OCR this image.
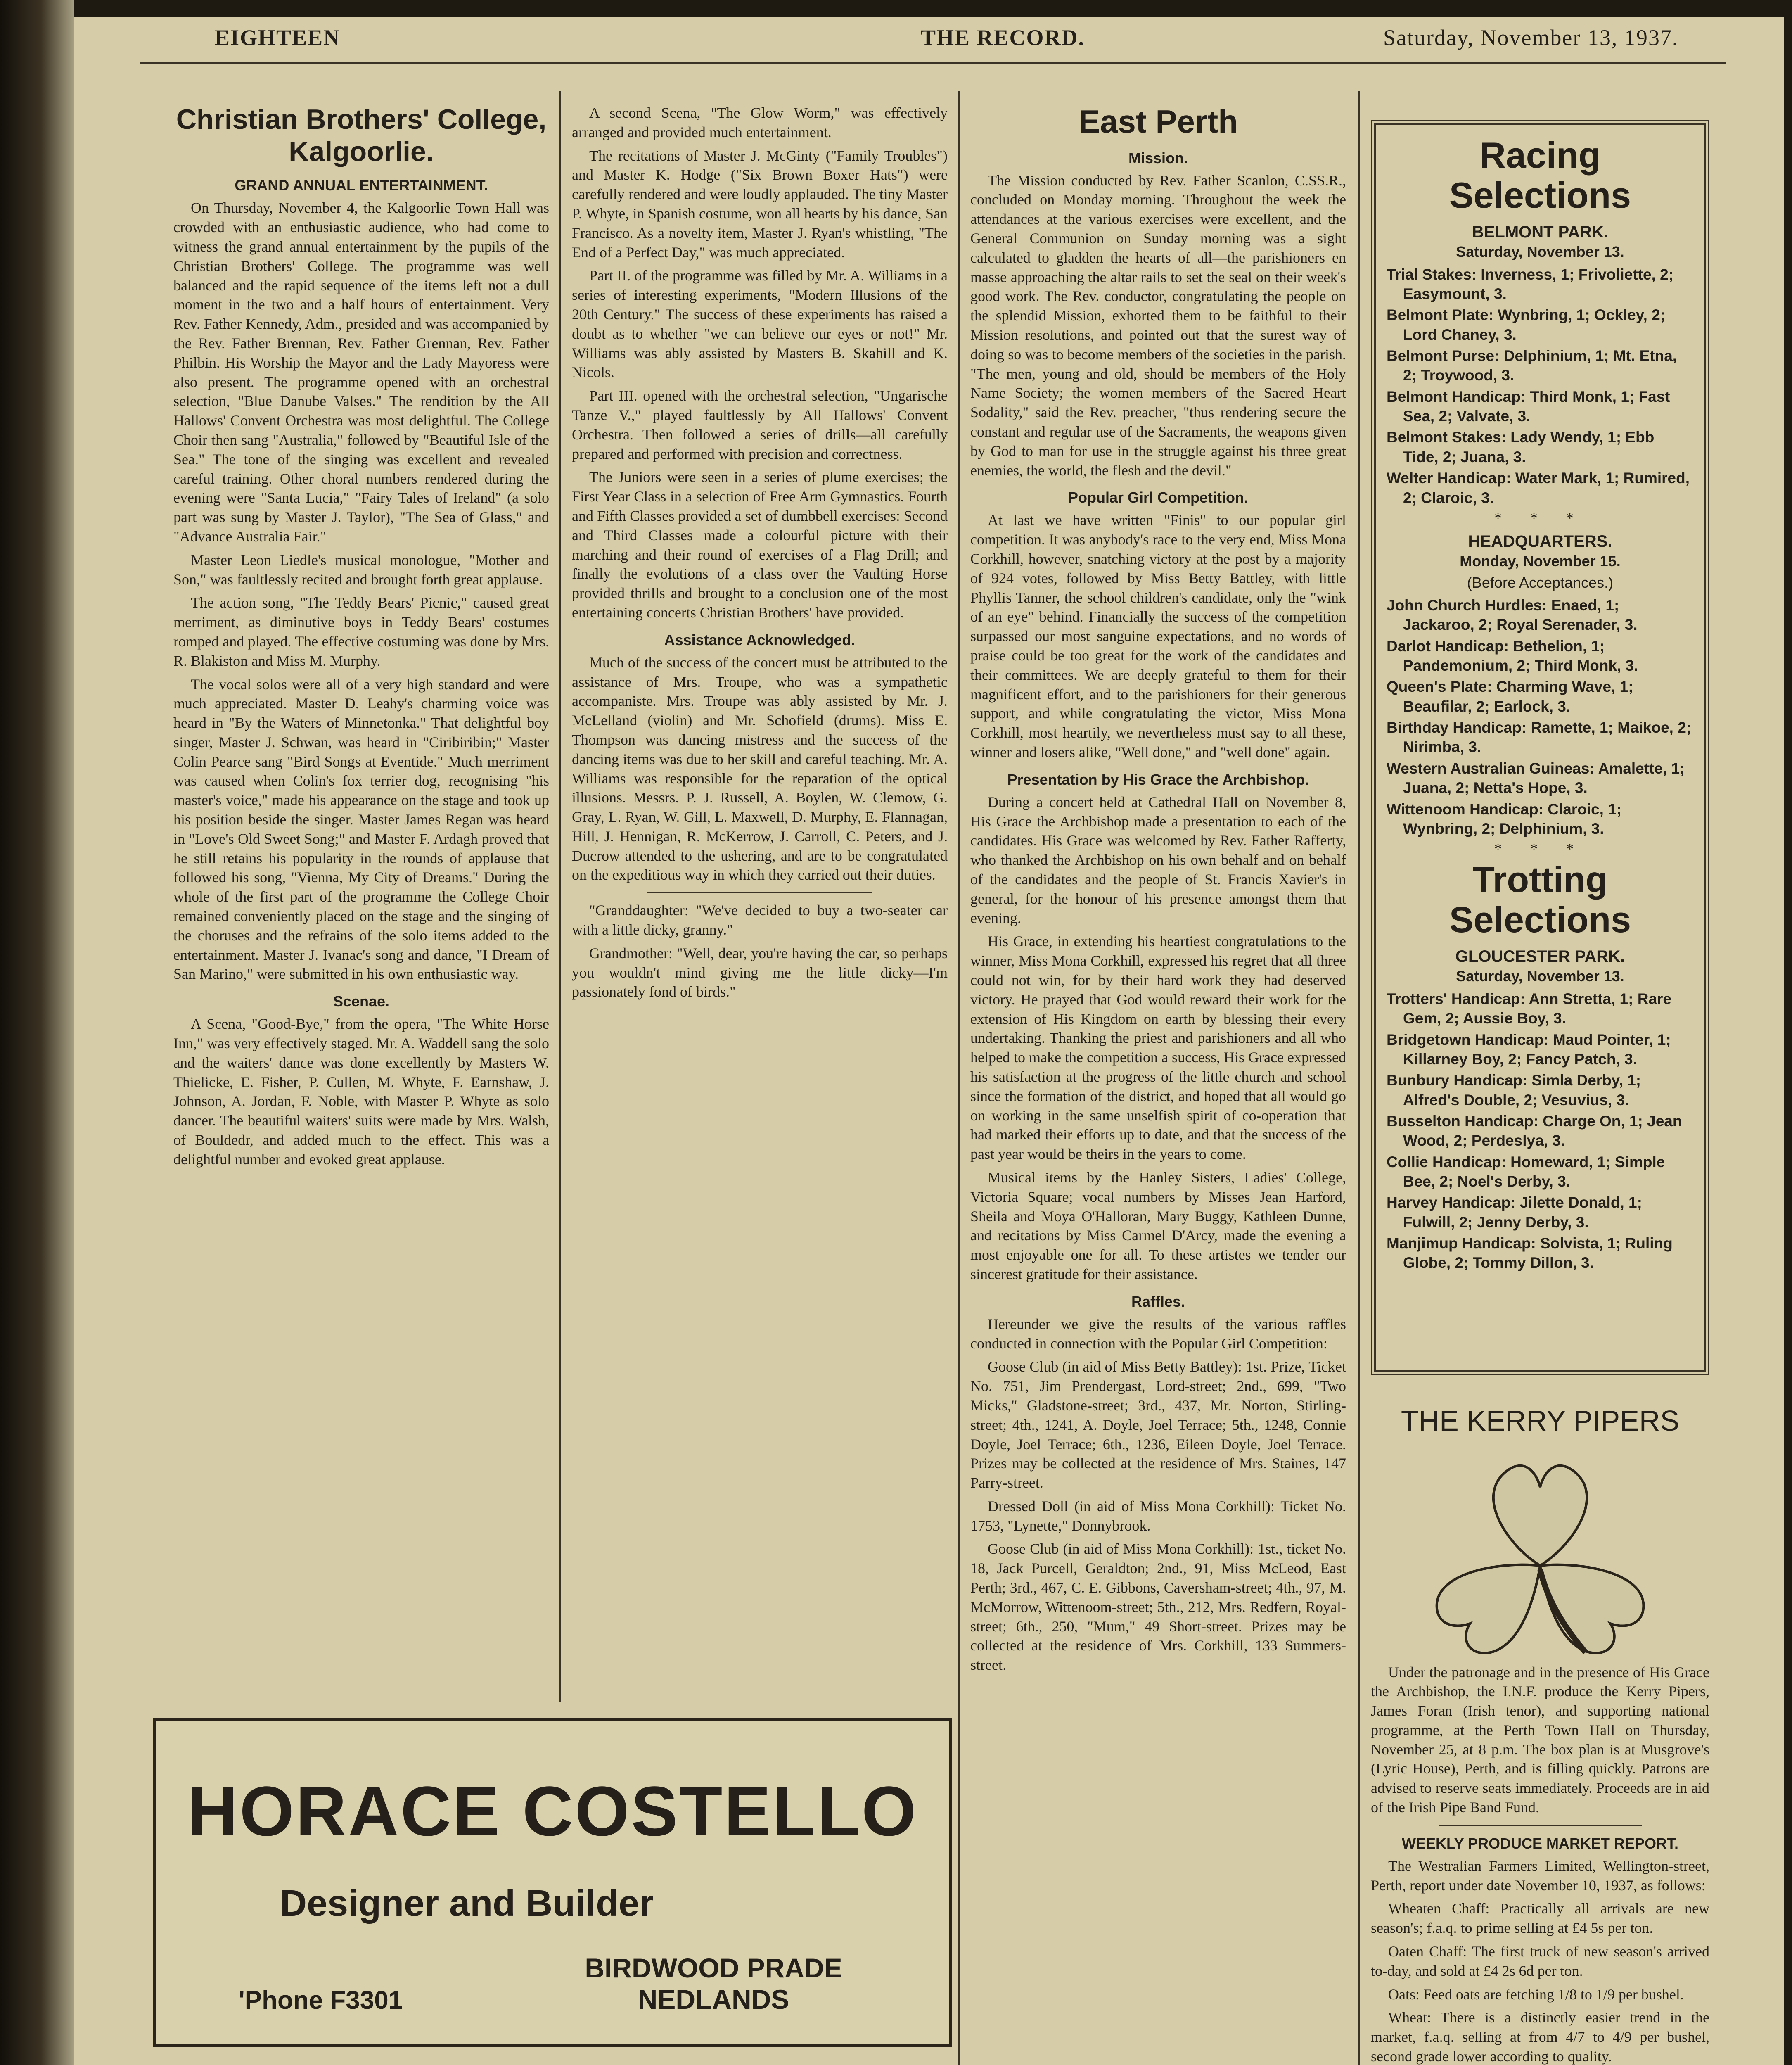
EIGHTEEN	THE RECORD.	Saturday, November 13, 1937.
Christian Brothers' College, Kalgoorlie.
GRAND ANNUAL ENTERTAINMENT.

On Thursday, November 4, the Kalgoorlie Town Hall was crowded with an enthusiastic audience, who had come to witness the grand annual entertainment by the pupils of the Christian Brothers' College. The programme was well balanced and the rapid sequence of the items left not a dull moment in the two and a half hours of entertainment. Very Rev. Father Kennedy, Adm., presided and was accompanied by the Rev. Father Brennan, Rev. Father Grennan, Rev. Father Philbin. His Worship the Mayor and the Lady Mayoress were also present. The programme opened with an orchestral selection, "Blue Danube Valses." The rendition by the All Hallows' Convent Orchestra was most delightful. The College Choir then sang "Australia," followed by "Beautiful Isle of the Sea." The tone of the singing was excellent and revealed careful training. Other choral numbers rendered during the evening were "Santa Lucia," "Fairy Tales of Ireland" (a solo part was sung by Master J. Taylor), "The Sea of Glass," and "Advance Australia Fair."

Master Leon Liedle's musical monologue, "Mother and Son," was faultlessly recited and brought forth great applause.

The action song, "The Teddy Bears' Picnic," caused great merriment, as diminutive boys in Teddy Bears' costumes romped and played. The effective costuming was done by Mrs. R. Blakiston and Miss M. Murphy.

The vocal solos were all of a very high standard and were much appreciated. Master D. Leahy's charming voice was heard in "By the Waters of Minnetonka." That delightful boy singer, Master J. Schwan, was heard in "Ciribiribin;" Master Colin Pearce sang "Bird Songs at Eventide." Much merriment was caused when Colin's fox terrier dog, recognising "his master's voice," made his appearance on the stage and took up his position beside the singer. Master James Regan was heard in "Love's Old Sweet Song;" and Master F. Ardagh proved that he still retains his popularity in the rounds of applause that followed his song, "Vienna, My City of Dreams." During the whole of the first part of the programme the College Choir remained conveniently placed on the stage and the singing of the choruses and the refrains of the solo items added to the entertainment. Master J. Ivanac's song and dance, "I Dream of San Marino," were submitted in his own enthusiastic way.

Scenae.

A Scena, "Good-Bye," from the opera, "The White Horse Inn," was very effectively staged. Mr. A. Waddell sang the solo and the waiters' dance was done excellently by Masters W. Thielicke, E. Fisher, P. Cullen, M. Whyte, F. Earnshaw, J. Johnson, A. Jordan, F. Noble, with Master P. Whyte as solo dancer. The beautiful waiters' suits were made by Mrs. Walsh, of Bouldedr, and added much to the effect. This was a delightful number and evoked great applause.

A second Scena, "The Glow Worm," was effectively arranged and provided much entertainment.

The recitations of Master J. McGinty ("Family Troubles") and Master K. Hodge ("Six Brown Boxer Hats") were carefully rendered and were loudly applauded. The tiny Master P. Whyte, in Spanish costume, won all hearts by his dance, San Francisco. As a novelty item, Master J. Ryan's whistling, "The End of a Perfect Day," was much appreciated.

Part II. of the programme was filled by Mr. A. Williams in a series of interesting experiments, "Modern Illusions of the 20th Century." The success of these experiments has raised a doubt as to whether "we can believe our eyes or not!" Mr. Williams was ably assisted by Masters B. Skahill and K. Nicols.

Part III. opened with the orchestral selection, "Ungarische Tanze V.," played faultlessly by All Hallows' Convent Orchestra. Then followed a series of drills—all carefully prepared and performed with precision and correctness.

The Juniors were seen in a series of plume exercises; the First Year Class in a selection of Free Arm Gymnastics. Fourth and Fifth Classes provided a set of dumbbell exercises: Second and Third Classes made a colourful picture with their marching and their round of exercises of a Flag Drill; and finally the evolutions of a class over the Vaulting Horse provided thrills and brought to a conclusion one of the most entertaining concerts Christian Brothers' have provided.

Assistance Acknowledged.

Much of the success of the concert must be attributed to the assistance of Mrs. Troupe, who was a sympathetic accompaniste. Mrs. Troupe was ably assisted by Mr. J. McLelland (violin) and Mr. Schofield (drums). Miss E. Thompson was dancing mistress and the success of the dancing items was due to her skill and careful teaching. Mr. A. Williams was responsible for the reparation of the optical illusions. Messrs. P. J. Russell, A. Boylen, W. Clemow, G. Gray, L. Ryan, W. Gill, L. Maxwell, D. Murphy, E. Flannagan, Hill, J. Hennigan, R. McKerrow, J. Carroll, C. Peters, and J. Ducrow attended to the ushering, and are to be congratulated on the expeditious way in which they carried out their duties.

"Granddaughter: "We've decided to buy a two-seater car with a little dicky, granny."

Grandmother: "Well, dear, you're having the car, so perhaps you wouldn't mind giving me the little dicky—I'm passionately fond of birds."

HORACE COSTELLO
Designer and Builder
BIRDWOOD PRADE
NEDLANDS
'Phone F3301
East Perth
Mission.

The Mission conducted by Rev. Father Scanlon, C.SS.R., concluded on Monday morning. Throughout the week the attendances at the various exercises were excellent, and the General Communion on Sunday morning was a sight calculated to gladden the hearts of all—the parishioners en masse approaching the altar rails to set the seal on their week's good work. The Rev. conductor, congratulating the people on the splendid Mission, exhorted them to be faithful to their Mission resolutions, and pointed out that the surest way of doing so was to become members of the societies in the parish. "The men, young and old, should be members of the Holy Name Society; the women members of the Sacred Heart Sodality," said the Rev. preacher, "thus rendering secure the constant and regular use of the Sacraments, the weapons given by God to man for use in the struggle against his three great enemies, the world, the flesh and the devil."

Popular Girl Competition.

At last we have written "Finis" to our popular girl competition. It was anybody's race to the very end, Miss Mona Corkhill, however, snatching victory at the post by a majority of 924 votes, followed by Miss Betty Battley, with little Phyllis Tanner, the school children's candidate, only the "wink of an eye" behind. Financially the success of the competition surpassed our most sanguine expectations, and no words of praise could be too great for the work of the candidates and their committees. We are deeply grateful to them for their magnificent effort, and to the parishioners for their generous support, and while congratulating the victor, Miss Mona Corkhill, most heartily, we nevertheless must say to all these, winner and losers alike, "Well done," and "well done" again.

Presentation by His Grace the Archbishop.

During a concert held at Cathedral Hall on November 8, His Grace the Archbishop made a presentation to each of the candidates. His Grace was welcomed by Rev. Father Rafferty, who thanked the Archbishop on his own behalf and on behalf of the candidates and the people of St. Francis Xavier's in general, for the honour of his presence amongst them that evening.

His Grace, in extending his heartiest congratulations to the winner, Miss Mona Corkhill, expressed his regret that all three could not win, for by their hard work they had deserved victory. He prayed that God would reward their work for the extension of His Kingdom on earth by blessing their every undertaking. Thanking the priest and parishioners and all who helped to make the competition a success, His Grace expressed his satisfaction at the progress of the little church and school since the formation of the district, and hoped that all would go on working in the same unselfish spirit of co-operation that had marked their efforts up to date, and that the success of the past year would be theirs in the years to come.

Musical items by the Hanley Sisters, Ladies' College, Victoria Square; vocal numbers by Misses Jean Harford, Sheila and Moya O'Halloran, Mary Buggy, Kathleen Dunne, and recitations by Miss Carmel D'Arcy, made the evening a most enjoyable one for all. To these artistes we tender our sincerest gratitude for their assistance.

Raffles.

Hereunder we give the results of the various raffles conducted in connection with the Popular Girl Competition:

Goose Club (in aid of Miss Betty Battley): 1st. Prize, Ticket No. 751, Jim Prendergast, Lord-street; 2nd., 699, "Two Micks," Gladstone-street; 3rd., 437, Mr. Norton, Stirling-street; 4th., 1241, A. Doyle, Joel Terrace; 5th., 1248, Connie Doyle, Joel Terrace; 6th., 1236, Eileen Doyle, Joel Terrace. Prizes may be collected at the residence of Mrs. Staines, 147 Parry-street.

Dressed Doll (in aid of Miss Mona Corkhill): Ticket No. 1753, "Lynette," Donnybrook.

Goose Club (in aid of Miss Mona Corkhill): 1st., ticket No. 18, Jack Purcell, Geraldton; 2nd., 91, Miss McLeod, East Perth; 3rd., 467, C. E. Gibbons, Caversham-street; 4th., 97, M. McMorrow, Wittenoom-street; 5th., 212, Mrs. Redfern, Royal-street; 6th., 250, "Mum," 49 Short-street. Prizes may be collected at the residence of Mrs. Corkhill, 133 Summers-street.

Racing Selections
BELMONT PARK.
Saturday, November 13.
Trial Stakes: Inverness, 1; Frivoliette, 2; Easymount, 3.
Belmont Plate: Wynbring, 1; Ockley, 2; Lord Chaney, 3.
Belmont Purse: Delphinium, 1; Mt. Etna, 2; Troywood, 3.
Belmont Handicap: Third Monk, 1; Fast Sea, 2; Valvate, 3.
Belmont Stakes: Lady Wendy, 1; Ebb Tide, 2; Juana, 3.
Welter Handicap: Water Mark, 1; Rumired, 2; Claroic, 3.
* * *
HEADQUARTERS.
Monday, November 15.
(Before Acceptances.)
John Church Hurdles: Enaed, 1; Jackaroo, 2; Royal Serenader, 3.
Darlot Handicap: Bethelion, 1; Pandemonium, 2; Third Monk, 3.
Queen's Plate: Charming Wave, 1; Beaufilar, 2; Earlock, 3.
Birthday Handicap: Ramette, 1; Maikoe, 2; Nirimba, 3.
Western Australian Guineas: Amalette, 1; Juana, 2; Netta's Hope, 3.
Wittenoom Handicap: Claroic, 1; Wynbring, 2; Delphinium, 3.
* * *
Trotting Selections
GLOUCESTER PARK.
Saturday, November 13.
Trotters' Handicap: Ann Stretta, 1; Rare Gem, 2; Aussie Boy, 3.
Bridgetown Handicap: Maud Pointer, 1; Killarney Boy, 2; Fancy Patch, 3.
Bunbury Handicap: Simla Derby, 1; Alfred's Double, 2; Vesuvius, 3.
Busselton Handicap: Charge On, 1; Jean Wood, 2; Perdeslya, 3.
Collie Handicap: Homeward, 1; Simple Bee, 2; Noel's Derby, 3.
Harvey Handicap: Jilette Donald, 1; Fulwill, 2; Jenny Derby, 3.
Manjimup Handicap: Solvista, 1; Ruling Globe, 2; Tommy Dillon, 3.
THE KERRY PIPERS

Under the patronage and in the presence of His Grace the Archbishop, the I.N.F. produce the Kerry Pipers, James Foran (Irish tenor), and supporting national programme, at the Perth Town Hall on Thursday, November 25, at 8 p.m. The box plan is at Musgrove's (Lyric House), Perth, and is filling quickly. Patrons are advised to reserve seats immediately. Proceeds are in aid of the Irish Pipe Band Fund.

WEEKLY PRODUCE MARKET REPORT.

The Westralian Farmers Limited, Wellington-street, Perth, report under date November 10, 1937, as follows:

Wheaten Chaff: Practically all arrivals are new season's; f.a.q. to prime selling at £4 5s per ton.

Oaten Chaff: The first truck of new season's arrived to-day, and sold at £4 2s 6d per ton.

Oats: Feed oats are fetching 1/8 to 1/9 per bushel.

Wheat: There is a distinctly easier trend in the market, f.a.q. selling at from 4/7 to 4/9 per bushel, second grade lower according to quality.
